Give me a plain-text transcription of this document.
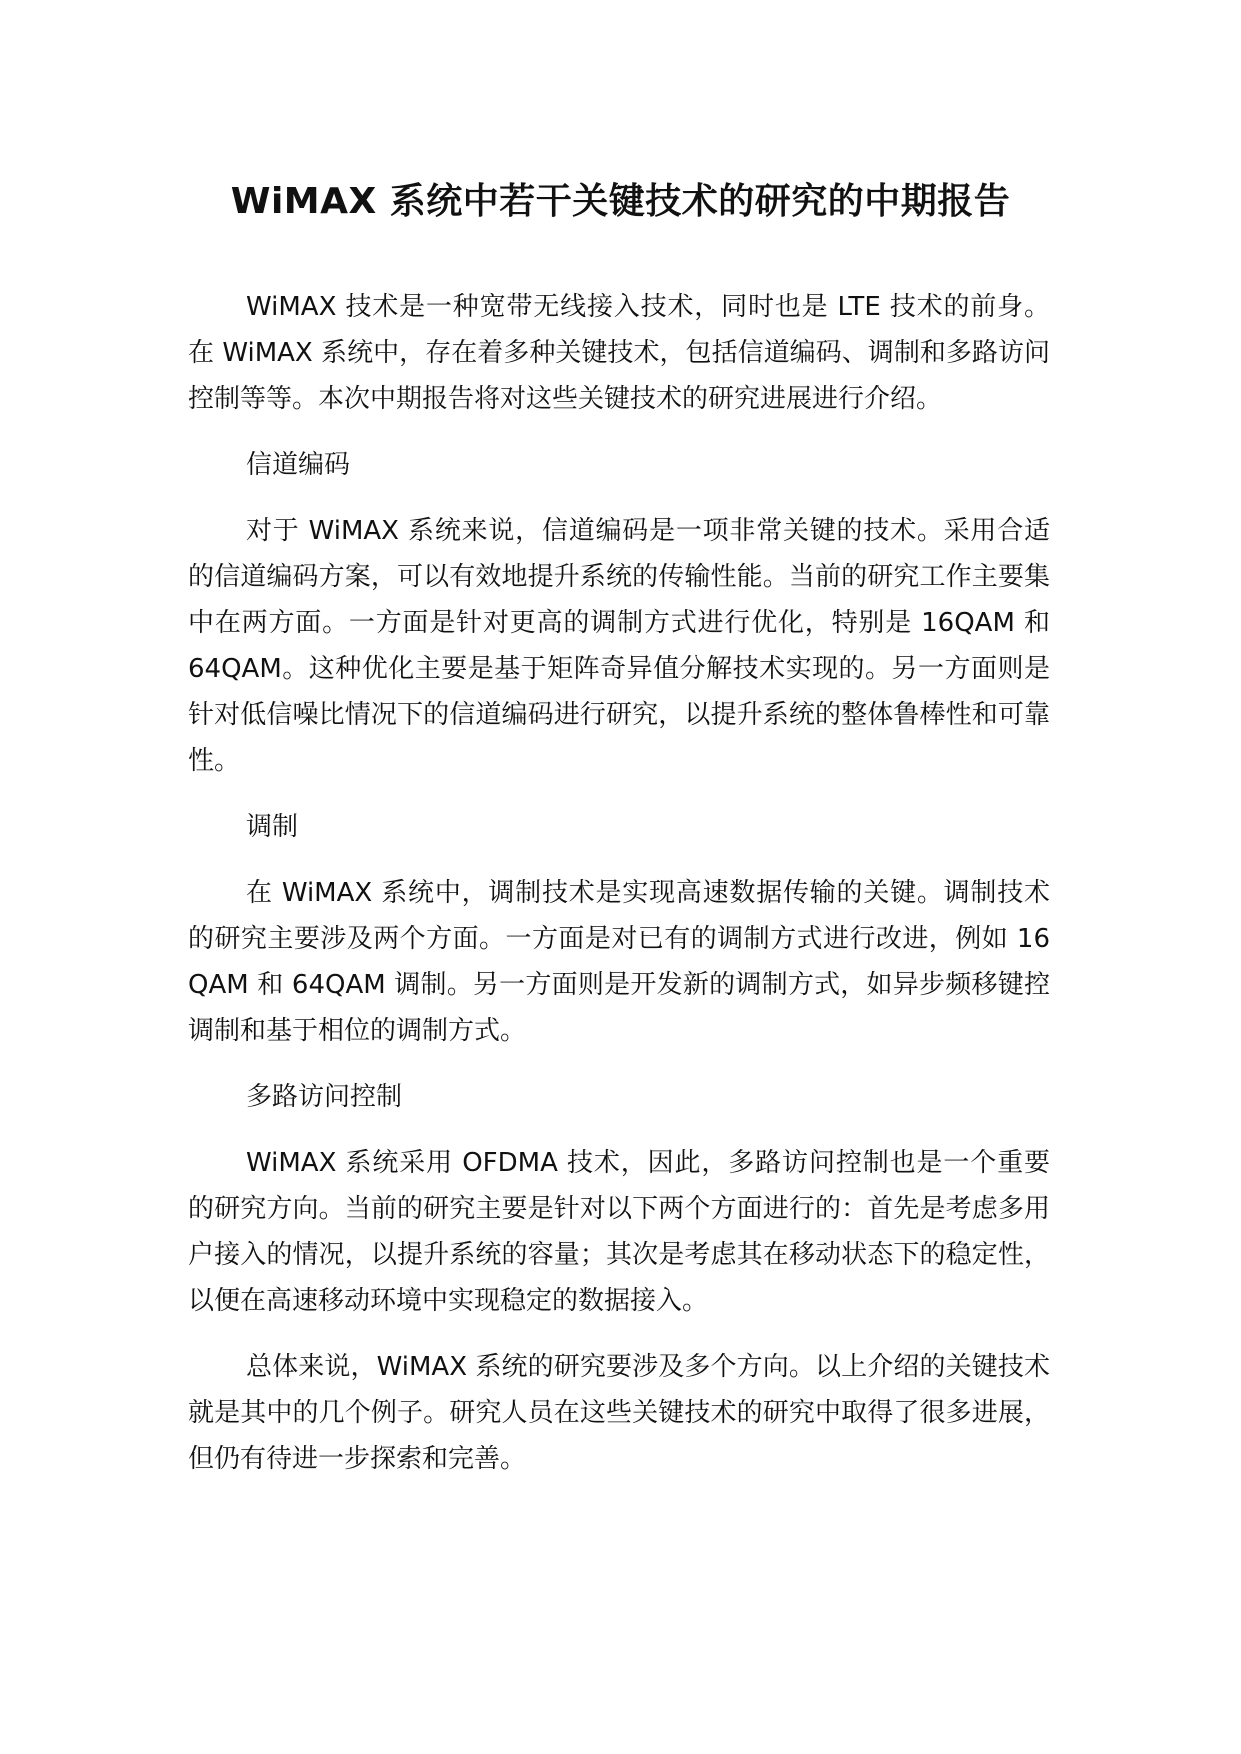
WiMAX 系统中若干关键技术的研究的中期报告

WiMAX 技术是一种宽带无线接入技术，同时也是 LTE 技术的前身。在 WiMAX 系统中，存在着多种关键技术，包括信道编码、调制和多路访问控制等等。本次中期报告将对这些关键技术的研究进展进行介绍。

信道编码

对于 WiMAX 系统来说，信道编码是一项非常关键的技术。采用合适的信道编码方案，可以有效地提升系统的传输性能。当前的研究工作主要集中在两方面。一方面是针对更高的调制方式进行优化，特别是 16QAM 和 64QAM。这种优化主要是基于矩阵奇异值分解技术实现的。另一方面则是针对低信噪比情况下的信道编码进行研究，以提升系统的整体鲁棒性和可靠性。

调制

在 WiMAX 系统中，调制技术是实现高速数据传输的关键。调制技术的研究主要涉及两个方面。一方面是对已有的调制方式进行改进，例如 16QAM 和 64QAM 调制。另一方面则是开发新的调制方式，如异步频移键控调制和基于相位的调制方式。

多路访问控制

WiMAX 系统采用 OFDMA 技术，因此，多路访问控制也是一个重要的研究方向。当前的研究主要是针对以下两个方面进行的：首先是考虑多用户接入的情况，以提升系统的容量；其次是考虑其在移动状态下的稳定性，以便在高速移动环境中实现稳定的数据接入。

总体来说，WiMAX 系统的研究要涉及多个方向。以上介绍的关键技术就是其中的几个例子。研究人员在这些关键技术的研究中取得了很多进展，但仍有待进一步探索和完善。
